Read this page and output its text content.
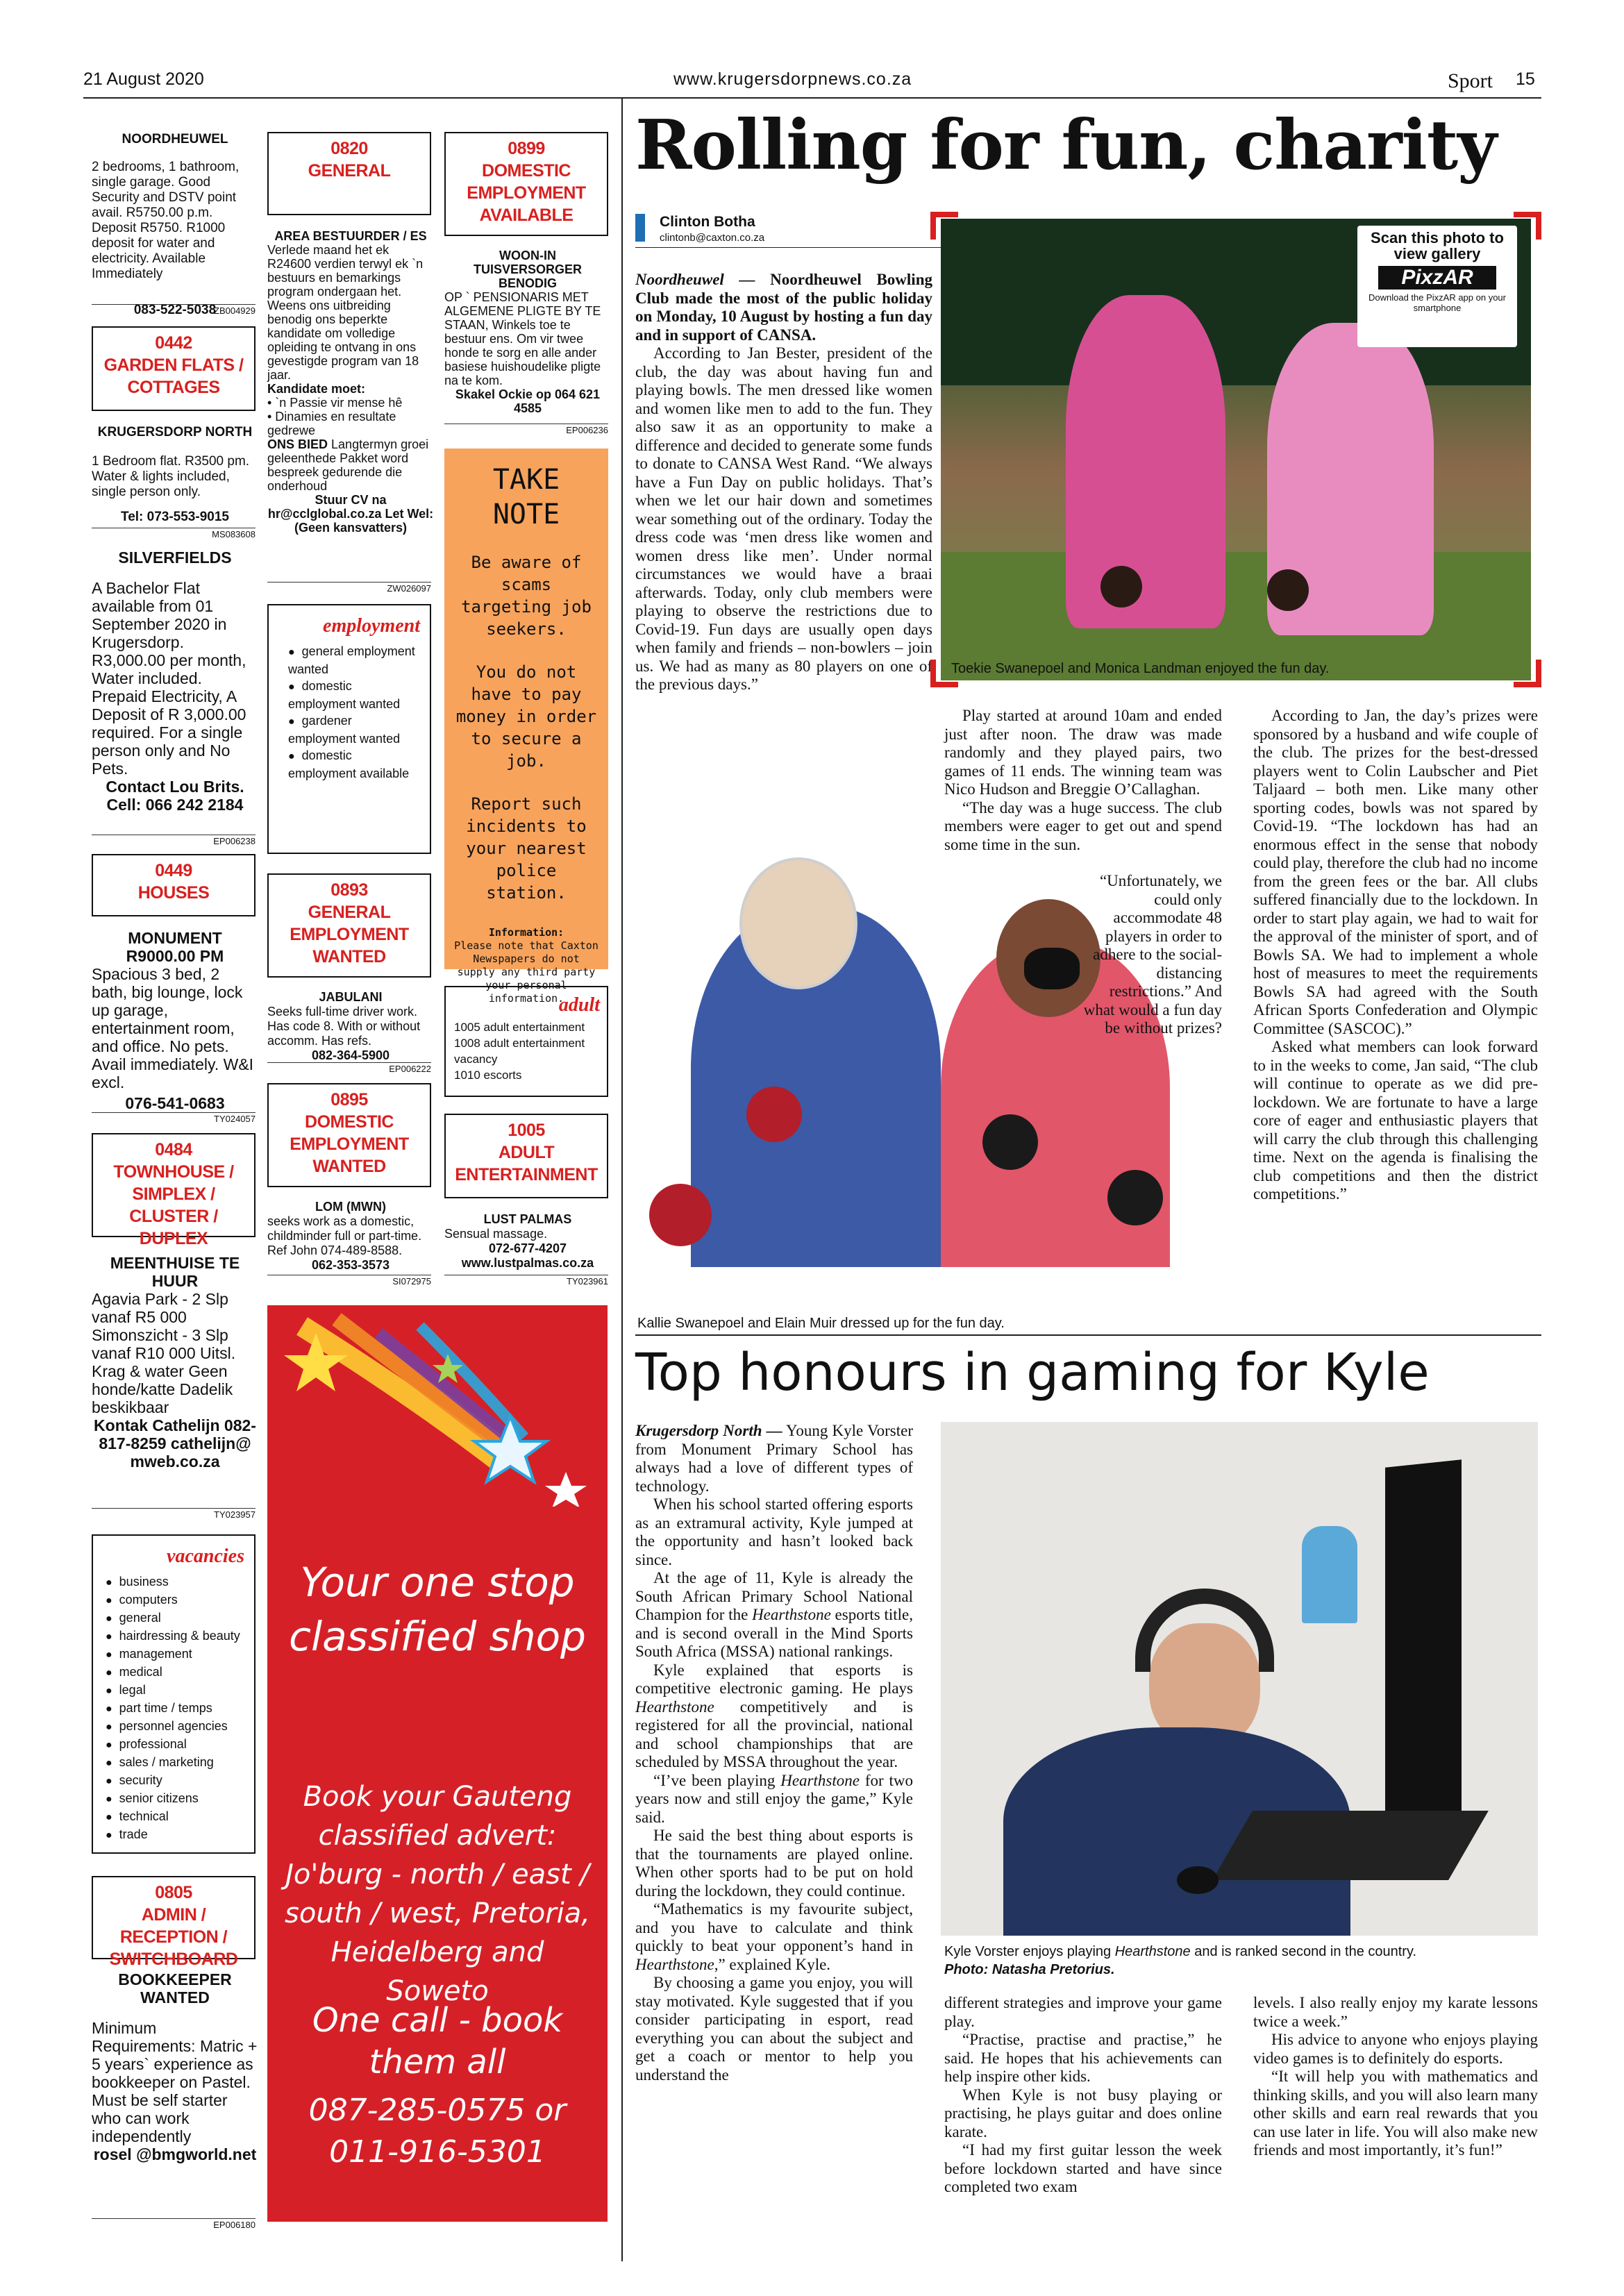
21 August 2020	www.krugersdorpnews.co.za	Sport 15
NOORDHEUWEL
2 bedrooms, 1 bathroom, single garage. Good Security and DSTV point avail. R5750.00 p.m. Deposit R5750. R1000 deposit for water and electricity. Available Immediately
083-522-5038
ZB004929
0442
GARDEN FLATS / COTTAGES
KRUGERSDORP NORTH
1 Bedroom flat. R3500 pm. Water & lights included, single person only.
Tel: 073-553-9015
MS083608
SILVERFIELDS
A Bachelor Flat available from 01 September 2020 in Krugersdorp. R3,000.00 per month, Water included. Prepaid Electricity, A Deposit of R 3,000.00 required. For a single person only and No Pets.
Contact Lou Brits.
Cell: 066 242 2184
EP006238
0449
HOUSES
MONUMENT
R9000.00 PM
Spacious 3 bed, 2 bath, big lounge, lock up garage, entertainment room, and office. No pets. Avail immediately. W&I excl.
076-541-0683
TY024057
0484
TOWNHOUSE / SIMPLEX / CLUSTER / DUPLEX
MEENTHUISE TE HUUR
Agavia Park - 2 Slp vanaf R5 000 Simonszicht - 3 Slp vanaf R10 000 Uitsl. Krag & water Geen honde/katte Dadelik beskikbaar
Kontak Cathelijn 082-817-8259 cathelijn@ mweb.co.za
TY023957
vacancies
● business
● computers
● general
● hairdressing & beauty
● management
● medical
● legal
● part time / temps
● personnel agencies
● professional
● sales / marketing
● security
● senior citizens
● technical
● trade
0805
ADMIN / RECEPTION / SWITCHBOARD
BOOKKEEPER WANTED
Minimum Requirements: Matric + 5 years` experience as bookkeeper on Pastel. Must be self starter who can work independently
rosel @bmgworld.net
EP006180
0820
GENERAL
AREA BESTUURDER / ES
Verlede maand het ek R24600 verdien terwyl ek `n bestuurs en bemarkings program ondergaan het. Weens ons uitbreiding benodig ons beperkte kandidate om volledige opleiding te ontvang in ons gevestigde program van 18 jaar.
Kandidate moet:
• `n Passie vir mense hê
• Dinamies en resultate gedrewe
ONS BIED Langtermyn groei geleenthede Pakket word bespreek gedurende die onderhoud
Stuur CV na hr@cclglobal.co.za Let Wel: (Geen kansvatters)
ZW026097
employment
● general employment wanted
● domestic employment wanted
● gardener employment wanted
● domestic employment available
0893
GENERAL EMPLOYMENT WANTED
JABULANI
Seeks full-time driver work. Has code 8. With or without accomm. Has refs.
082-364-5900
EP006222
0895
DOMESTIC EMPLOYMENT WANTED
LOM (MWN)
seeks work as a domestic, childminder full or part-time. Ref John 074-489-8588.
062-353-3573
SI072975
0899
DOMESTIC EMPLOYMENT AVAILABLE
WOON-IN TUISVERSORGER BENODIG
OP ` PENSIONARIS MET ALGEMENE PLIGTE BY TE STAAN, Winkels toe te bestuur ens. Om vir twee honde te sorg en alle ander basiese huishoudelike pligte na te kom.
Skakel Ockie op 064 621 4585
EP006236
TAKE NOTE
Be aware of scams targeting job seekers.
You do not have to pay money in order to secure a job.
Report such incidents to your nearest police station.
Information:
Please note that Caxton Newspapers do not supply any third party your personal information.
adult
1005 adult entertainment
1008 adult entertainment vacancy
1010 escorts
1005
ADULT ENTERTAINMENT
LUST PALMAS
Sensual massage.
072-677-4207
www.lustpalmas.co.za
TY023961
Your one stop classified shop
Book your Gauteng classified advert: Jo'burg - north / east / south / west, Pretoria, Heidelberg and Soweto
One call - book them all
087-285-0575 or 011-916-5301
Rolling for fun, charity
Clinton Botha
clintonb@caxton.co.za

Noordheuwel — Noordheuwel Bowling Club made the most of the public holiday on Monday, 10 August by hosting a fun day and in support of CANSA.

According to Jan Bester, president of the club, the day was about having fun and playing bowls. The men dressed like women and women like men to add to the fun. They also saw it as an opportunity to make a difference and decided to generate some funds to donate to CANSA West Rand. “We always have a Fun Day on public holidays. That’s when we let our hair down and sometimes wear something out of the ordinary. Today the dress code was ‘men dress like women and women dress like men’. Under normal circumstances we would have a braai afterwards. Today, only club members were playing to observe the restrictions due to Covid-19. Fun days are usually open days when family and friends – non-bowlers – join us. We had as many as 80 players on one of the previous days.”

Scan this photo to view gallery
PixzAR
Download the PixzAR app on your smartphone
Toekie Swanepoel and Monica Landman enjoyed the fun day.
Kallie Swanepoel and Elain Muir dressed up for the fun day.

Play started at around 10am and ended just after noon. The draw was made randomly and they played pairs, two games of 11 ends. The winning team was Nico Hudson and Breggie O’Callaghan.

“The day was a huge success. The club members were eager to get out and spend some time in the sun.

“Unfortunately, we could only accommodate 48 players in order to adhere to the social-distancing restrictions.” And what would a fun day be without prizes?

According to Jan, the day’s prizes were sponsored by a husband and wife couple of the club. The prizes for the best-dressed players went to Colin Laubscher and Piet Taljaard – both men. Like many other sporting codes, bowls was not spared by Covid-19. “The lockdown has had an enormous effect in the sense that nobody could play, therefore the club had no income from the green fees or the bar. All clubs suffered financially due to the lockdown. In order to start play again, we had to wait for the approval of the minister of sport, and of Bowls SA. We had to implement a whole host of measures to meet the requirements Bowls SA had agreed with the South African Sports Confederation and Olympic Committee (SASCOC).”

Asked what members can look forward to in the weeks to come, Jan said, “The club will continue to operate as we did pre-lockdown. We are fortunate to have a large core of eager and enthusiastic players that will carry the club through this challenging time. Next on the agenda is finalising the club competitions and then the district competitions.”

Top honours in gaming for Kyle

Krugersdorp North — Young Kyle Vorster from Monument Primary School has always had a love of different types of technology.

When his school started offering esports as an extramural activity, Kyle jumped at the opportunity and hasn’t looked back since.

At the age of 11, Kyle is already the South African Primary School National Champion for the Hearthstone esports title, and is second overall in the Mind Sports South Africa (MSSA) national rankings.

Kyle explained that esports is competitive electronic gaming. He plays Hearthstone competitively and is registered for all the provincial, national and school championships that are scheduled by MSSA throughout the year.

“I’ve been playing Hearthstone for two years now and still enjoy the game,” Kyle said.

He said the best thing about esports is that the tournaments are played online. When other sports had to be put on hold during the lockdown, they could continue.

“Mathematics is my favourite subject, and you have to calculate and think quickly to beat your opponent’s hand in Hearthstone,” explained Kyle.

By choosing a game you enjoy, you will stay motivated. Kyle suggested that if you consider participating in esport, read everything you can about the subject and get a coach or mentor to help you understand the

Kyle Vorster enjoys playing Hearthstone and is ranked second in the country.
Photo: Natasha Pretorius.

different strategies and improve your game play.

“Practise, practise and practise,” he said. He hopes that his achievements can help inspire other kids.

When Kyle is not busy playing or practising, he plays guitar and does online karate.

“I had my first guitar lesson the week before lockdown started and have since completed two exam

levels. I also really enjoy my karate lessons twice a week.”

His advice to anyone who enjoys playing video games is to definitely do esports.

“It will help you with mathematics and thinking skills, and you will also learn many other skills and earn real rewards that you can use later in life. You will also make new friends and most importantly, it’s fun!”
